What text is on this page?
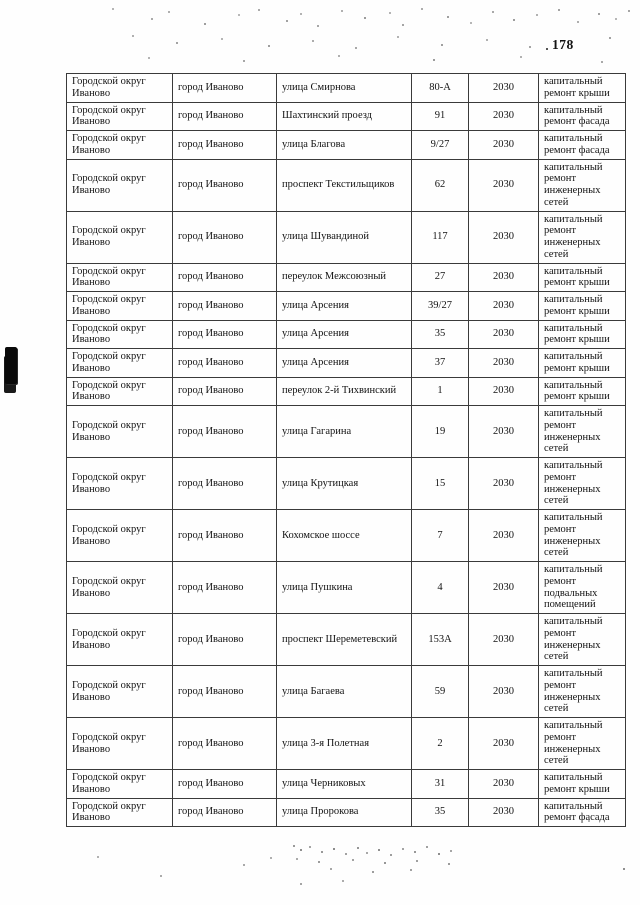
178
Городской округ Иваново	город Иваново	улица Смирнова	80-А	2030	капитальный ремонт крыши
Городской округ Иваново	город Иваново	Шахтинский проезд	91	2030	капитальный ремонт фасада
Городской округ Иваново	город Иваново	улица Благова	9/27	2030	капитальный ремонт фасада
Городской округ Иваново	город Иваново	проспект Текстильщиков	62	2030	капитальный ремонт инженерных сетей
Городской округ Иваново	город Иваново	улица Шувандиной	117	2030	капитальный ремонт инженерных сетей
Городской округ Иваново	город Иваново	переулок Межсоюзный	27	2030	капитальный ремонт крыши
Городской округ Иваново	город Иваново	улица Арсения	39/27	2030	капитальный ремонт крыши
Городской округ Иваново	город Иваново	улица Арсения	35	2030	капитальный ремонт крыши
Городской округ Иваново	город Иваново	улица Арсения	37	2030	капитальный ремонт крыши
Городской округ Иваново	город Иваново	переулок 2-й Тихвинский	1	2030	капитальный ремонт крыши
Городской округ Иваново	город Иваново	улица Гагарина	19	2030	капитальный ремонт инженерных сетей
Городской округ Иваново	город Иваново	улица Крутицкая	15	2030	капитальный ремонт инженерных сетей
Городской округ Иваново	город Иваново	Кохомское шоссе	7	2030	капитальный ремонт инженерных сетей
Городской округ Иваново	город Иваново	улица Пушкина	4	2030	капитальный ремонт подвальных помещений
Городской округ Иваново	город Иваново	проспект Шереметевский	153А	2030	капитальный ремонт инженерных сетей
Городской округ Иваново	город Иваново	улица Багаева	59	2030	капитальный ремонт инженерных сетей
Городской округ Иваново	город Иваново	улица 3-я Полетная	2	2030	капитальный ремонт инженерных сетей
Городской округ Иваново	город Иваново	улица Черниковых	31	2030	капитальный ремонт крыши
Городской округ Иваново	город Иваново	улица Пророкова	35	2030	капитальный ремонт фасада
